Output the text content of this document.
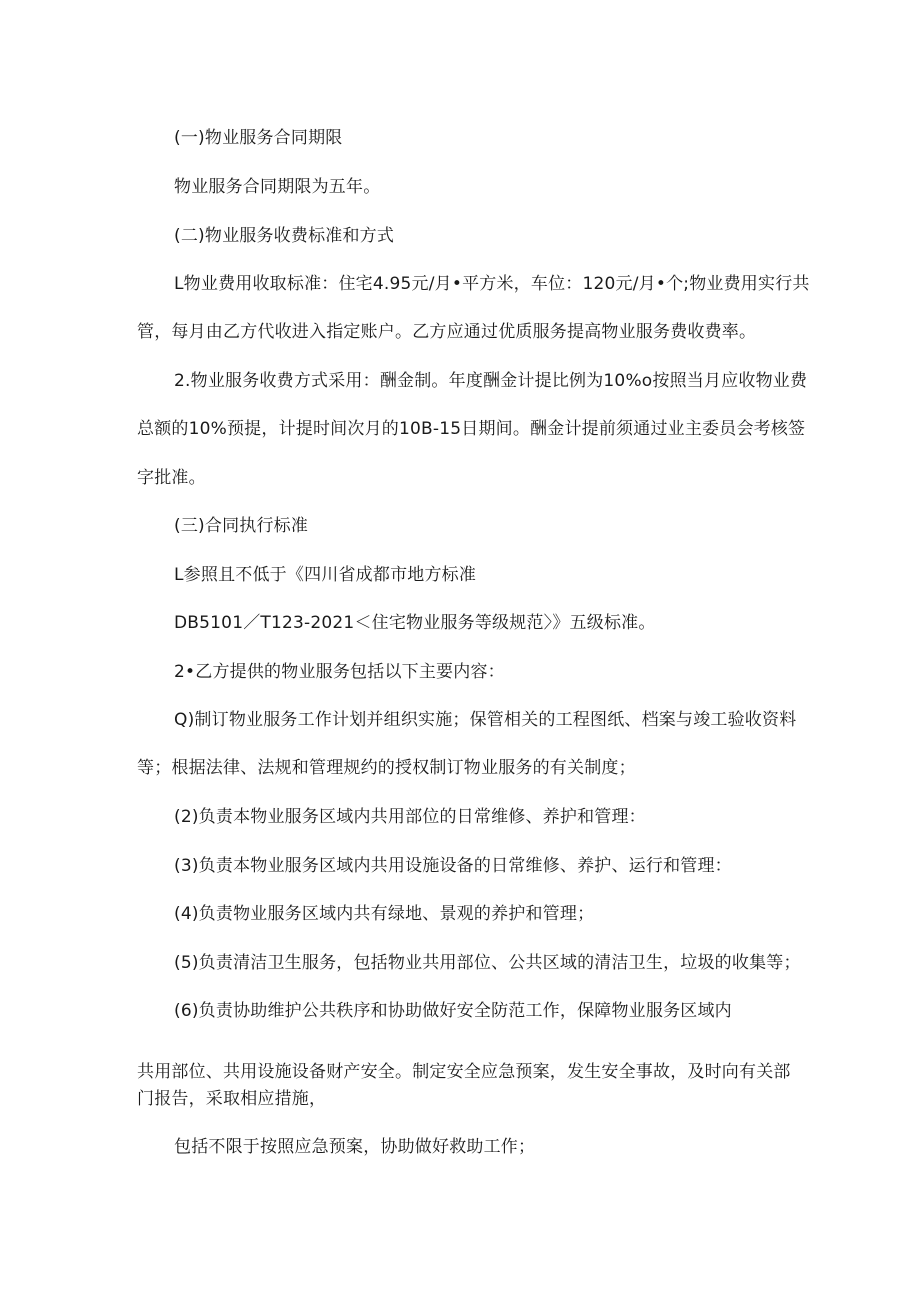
(一)物业服务合同期限
物业服务合同期限为五年。
(二)物业服务收费标准和方式
L物业费用收取标准：住宅4.95元/月•平方米，车位：120元/月•个;物业费用实行共
管，每月由乙方代收进入指定账户。乙方应通过优质服务提高物业服务费收费率。
2.物业服务收费方式采用：酬金制。年度酬金计提比例为10%o按照当月应收物业费
总额的10%预提，计提时间次月的10B-15日期间。酬金计提前须通过业主委员会考核签
字批准。
(三)合同执行标准
L参照且不低于《四川省成都市地方标准
DB5101／T123-2021＜住宅物业服务等级规范〉》五级标准。
2•乙方提供的物业服务包括以下主要内容：
Q)制订物业服务工作计划并组织实施；保管相关的工程图纸、档案与竣工验收资料
等；根据法律、法规和管理规约的授权制订物业服务的有关制度；
(2)负责本物业服务区域内共用部位的日常维修、养护和管理：
(3)负责本物业服务区域内共用设施设备的日常维修、养护、运行和管理：
(4)负责物业服务区域内共有绿地、景观的养护和管理；
(5)负责清洁卫生服务，包括物业共用部位、公共区域的清洁卫生，垃圾的收集等；
(6)负责协助维护公共秩序和协助做好安全防范工作，保障物业服务区域内
共用部位、共用设施设备财产安全。制定安全应急预案，发生安全事故，及时向有关部
门报告，采取相应措施，
包括不限于按照应急预案，协助做好救助工作；
